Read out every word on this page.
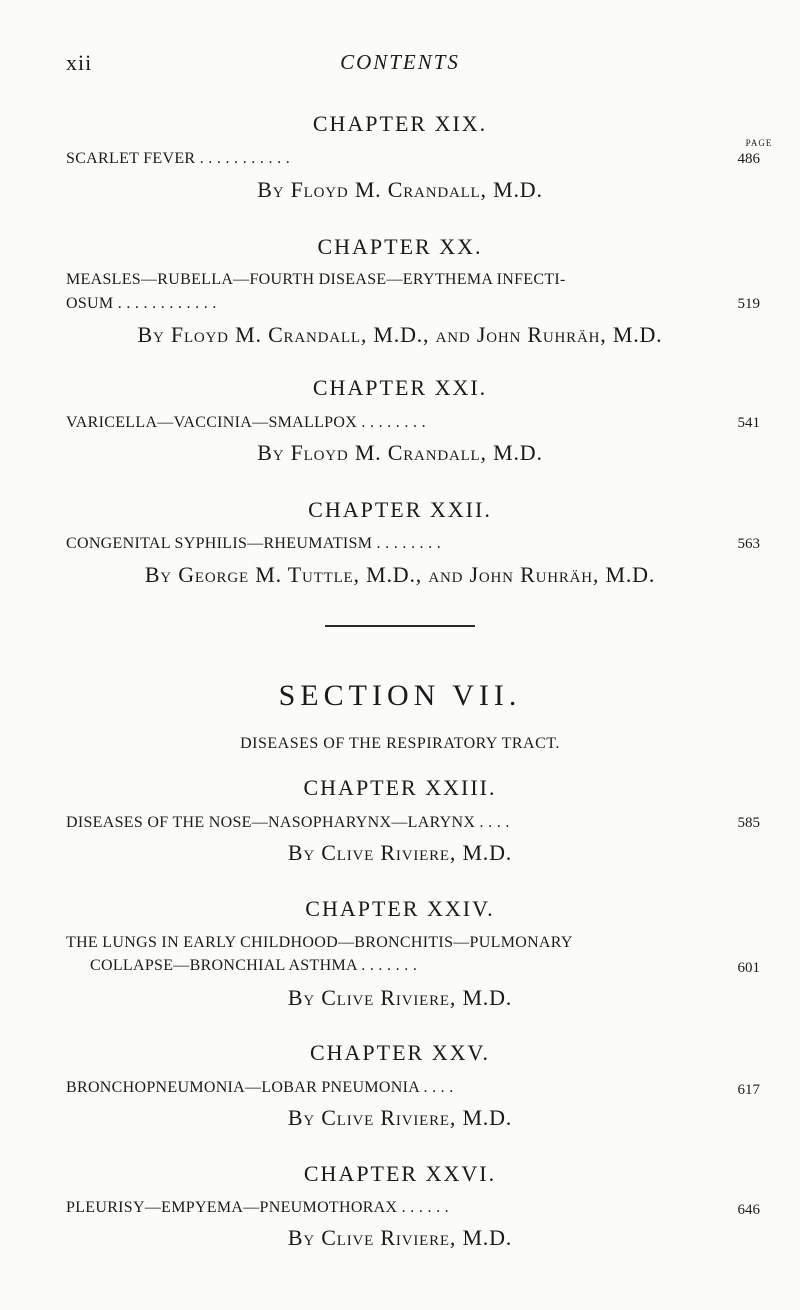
xii	CONTENTS
CHAPTER XIX.
PAGE
SCARLET FEVER . . . . . . . . . . .	486
By Floyd M. Crandall, M.D.
CHAPTER XX.
MEASLES—RUBELLA—FOURTH DISEASE—ERYTHEMA INFECTI-
OSUM . . . . . . . . . . . .	519
By Floyd M. Crandall, M.D., and John Ruhräh, M.D.
CHAPTER XXI.
VARICELLA—VACCINIA—SMALLPOX . . . . . . . .	541
By Floyd M. Crandall, M.D.
CHAPTER XXII.
CONGENITAL SYPHILIS—RHEUMATISM . . . . . . . .	563
By George M. Tuttle, M.D., and John Ruhräh, M.D.
SECTION VII.
DISEASES OF THE RESPIRATORY TRACT.
CHAPTER XXIII.
DISEASES OF THE NOSE—NASOPHARYNX—LARYNX . . . .	585
By Clive Riviere, M.D.
CHAPTER XXIV.
THE LUNGS IN EARLY CHILDHOOD—BRONCHITIS—PULMONARY
COLLAPSE—BRONCHIAL ASTHMA . . . . . . .	601
By Clive Riviere, M.D.
CHAPTER XXV.
BRONCHOPNEUMONIA—LOBAR PNEUMONIA . . . .	617
By Clive Riviere, M.D.
CHAPTER XXVI.
PLEURISY—EMPYEMA—PNEUMOTHORAX . . . . . .	646
By Clive Riviere, M.D.
